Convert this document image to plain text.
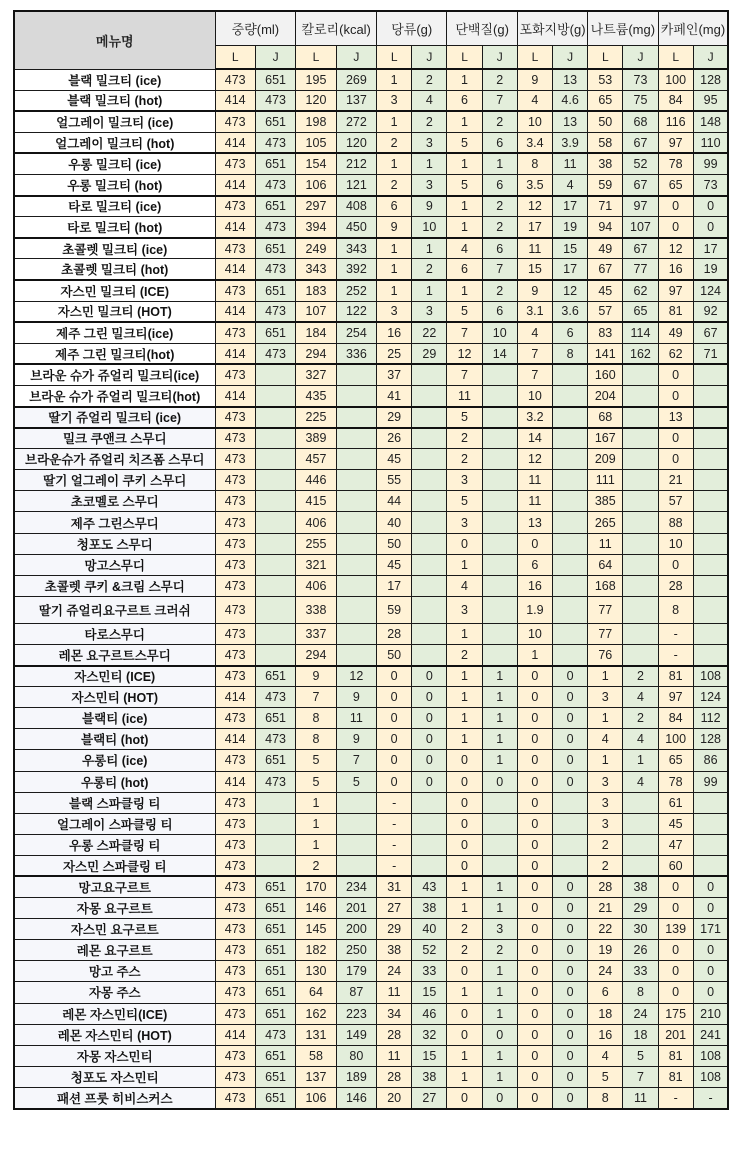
메뉴명	중량(ml)		칼로리(kcal)		당류(g)		단백질(g)		포화지방(g)		나트륨(mg)		카페인(mg)	
	L	J	L	J	L	J	L	J	L	J	L	J	L	J
블랙 밀크티 (ice)	473	651	195	269	1	2	1	2	9	13	53	73	100	128
블랙 밀크티 (hot)	414	473	120	137	3	4	6	7	4	4.6	65	75	84	95
얼그레이 밀크티 (ice)	473	651	198	272	1	2	1	2	10	13	50	68	116	148
얼그레이 밀크티 (hot)	414	473	105	120	2	3	5	6	3.4	3.9	58	67	97	110
우롱 밀크티 (ice)	473	651	154	212	1	1	1	1	8	11	38	52	78	99
우롱 밀크티 (hot)	414	473	106	121	2	3	5	6	3.5	4	59	67	65	73
타로 밀크티 (ice)	473	651	297	408	6	9	1	2	12	17	71	97	0	0
타로 밀크티 (hot)	414	473	394	450	9	10	1	2	17	19	94	107	0	0
초콜렛 밀크티 (ice)	473	651	249	343	1	1	4	6	11	15	49	67	12	17
초콜렛 밀크티 (hot)	414	473	343	392	1	2	6	7	15	17	67	77	16	19
자스민 밀크티 (ICE)	473	651	183	252	1	1	1	2	9	12	45	62	97	124
자스민 밀크티 (HOT)	414	473	107	122	3	3	5	6	3.1	3.6	57	65	81	92
제주 그린 밀크티(ice)	473	651	184	254	16	22	7	10	4	6	83	114	49	67
제주 그린 밀크티(hot)	414	473	294	336	25	29	12	14	7	8	141	162	62	71
브라운 슈가 쥬얼리 밀크티(ice)	473		327		37		7		7		160		0	
브라운 슈가 쥬얼리 밀크티(hot)	414		435		41		11		10		204		0	
딸기 쥬얼리 밀크티 (ice)	473		225		29		5		3.2		68		13	
밀크 쿠앤크 스무디	473		389		26		2		14		167		0	
브라운슈가 쥬얼리 치즈폼 스무디	473		457		45		2		12		209		0	
딸기 얼그레이 쿠키 스무디	473		446		55		3		11		111		21	
초코멜로 스무디	473		415		44		5		11		385		57	
제주 그린스무디	473		406		40		3		13		265		88	
청포도 스무디	473		255		50		0		0		11		10	
망고스무디	473		321		45		1		6		64		0	
초콜렛 쿠키 &크림 스무디	473		406		17		4		16		168		28	
딸기 쥬얼리요구르트 크러쉬	473		338		59		3		1.9		77		8	
타로스무디	473		337		28		1		10		77		-	
레몬 요구르트스무디	473		294		50		2		1		76		-	
자스민티 (ICE)	473	651	9	12	0	0	1	1	0	0	1	2	81	108
자스민티 (HOT)	414	473	7	9	0	0	1	1	0	0	3	4	97	124
블랙티 (ice)	473	651	8	11	0	0	1	1	0	0	1	2	84	112
블랙티 (hot)	414	473	8	9	0	0	1	1	0	0	4	4	100	128
우롱티 (ice)	473	651	5	7	0	0	0	1	0	0	1	1	65	86
우롱티 (hot)	414	473	5	5	0	0	0	0	0	0	3	4	78	99
블랙 스파클링 티	473		1		-		0		0		3		61	
얼그레이 스파클링 티	473		1		-		0		0		3		45	
우롱 스파클링 티	473		1		-		0		0		2		47	
자스민 스파클링 티	473		2		-		0		0		2		60	
망고요구르트	473	651	170	234	31	43	1	1	0	0	28	38	0	0
자몽 요구르트	473	651	146	201	27	38	1	1	0	0	21	29	0	0
자스민 요구르트	473	651	145	200	29	40	2	3	0	0	22	30	139	171
레몬 요구르트	473	651	182	250	38	52	2	2	0	0	19	26	0	0
망고 주스	473	651	130	179	24	33	0	1	0	0	24	33	0	0
자몽 주스	473	651	64	87	11	15	1	1	0	0	6	8	0	0
레몬 자스민티(ICE)	473	651	162	223	34	46	0	1	0	0	18	24	175	210
레몬 자스민티 (HOT)	414	473	131	149	28	32	0	0	0	0	16	18	201	241
자몽 자스민티	473	651	58	80	11	15	1	1	0	0	4	5	81	108
청포도 자스민티	473	651	137	189	28	38	1	1	0	0	5	7	81	108
패션 프룻 히비스커스	473	651	106	146	20	27	0	0	0	0	8	11	-	-
